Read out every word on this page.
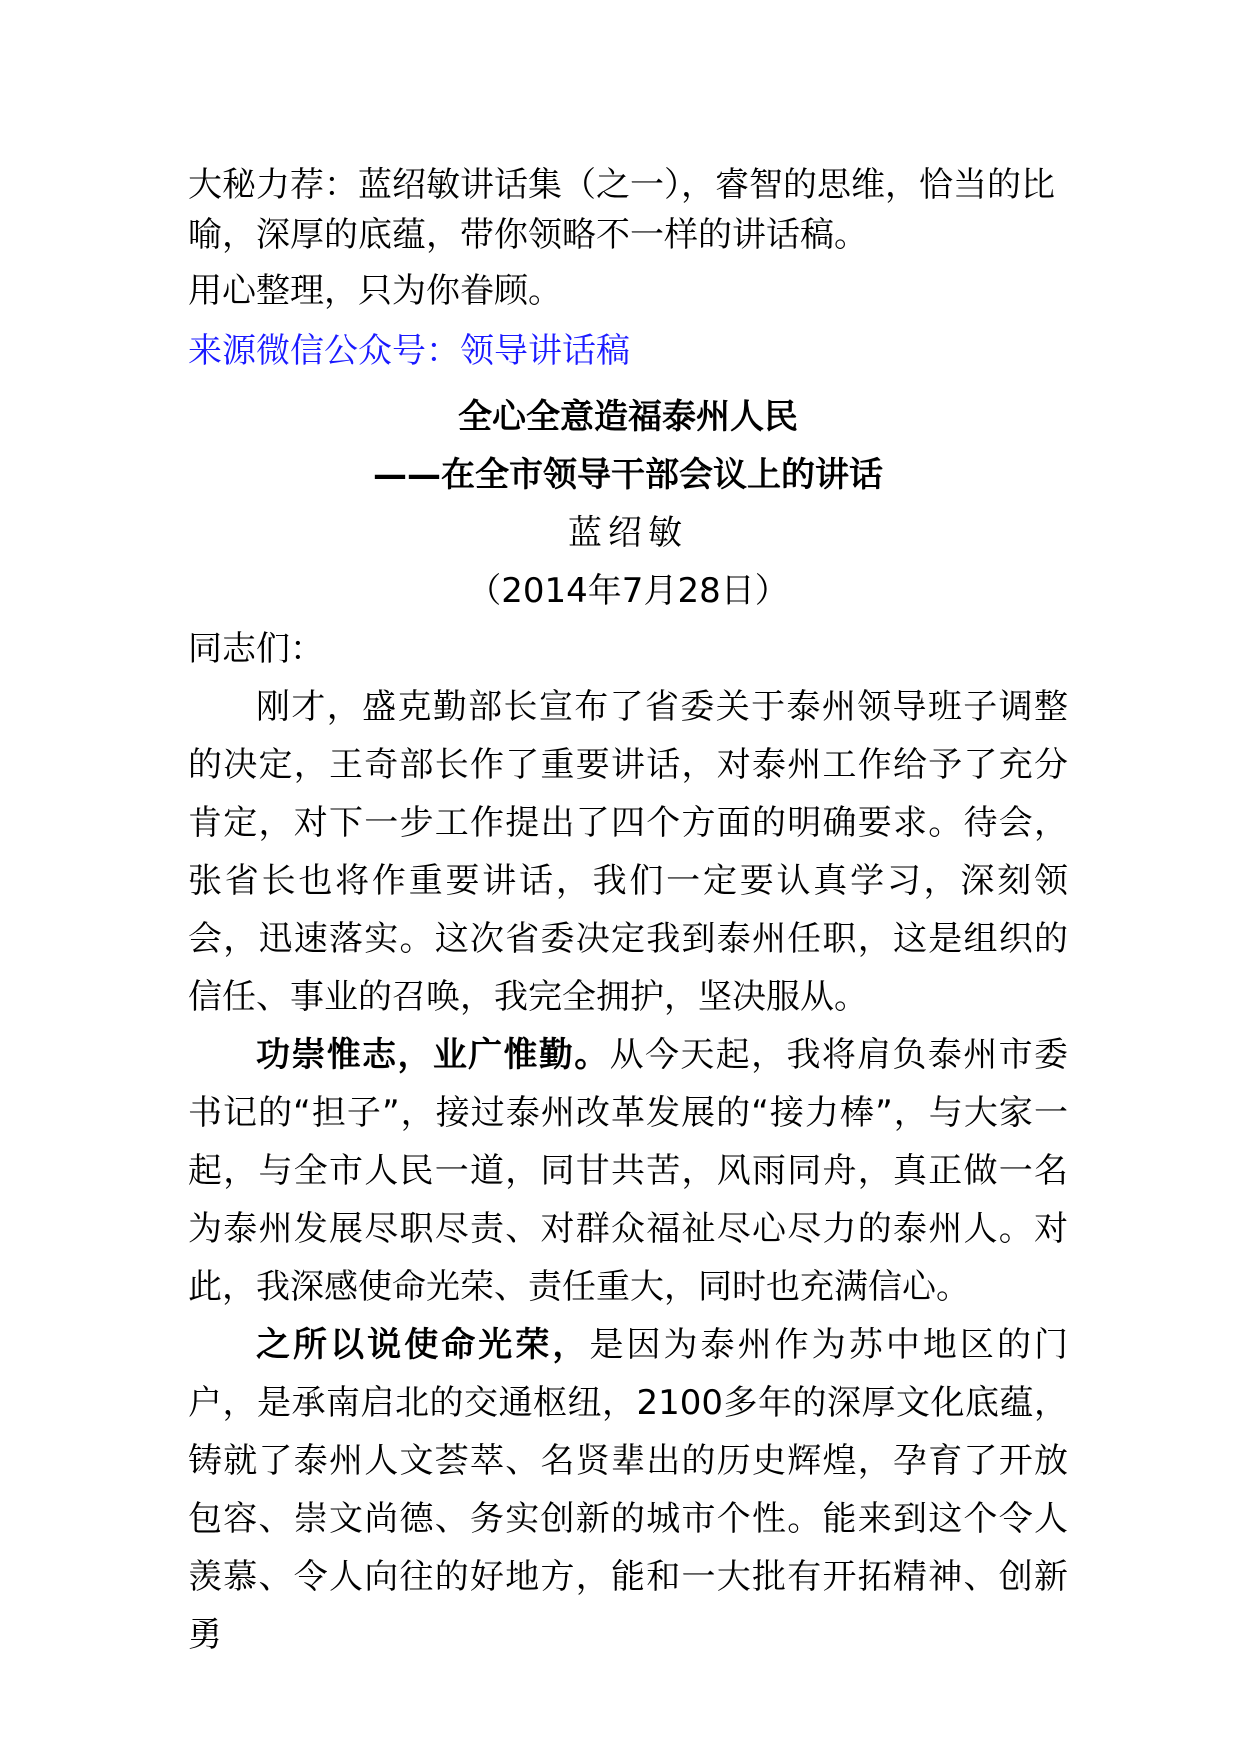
大秘力荐：蓝绍敏讲话集（之一），睿智的思维，恰当的比喻，深厚的底蕴，带你领略不一样的讲话稿。

用心整理，只为你眷顾。

来源微信公众号：领导讲话稿

全心全意造福泰州人民

——在全市领导干部会议上的讲话

蓝绍敏

（2014年7月28日）

同志们：

刚才，盛克勤部长宣布了省委关于泰州领导班子调整的决定，王奇部长作了重要讲话，对泰州工作给予了充分肯定，对下一步工作提出了四个方面的明确要求。待会，张省长也将作重要讲话，我们一定要认真学习，深刻领会，迅速落实。这次省委决定我到泰州任职，这是组织的信任、事业的召唤，我完全拥护，坚决服从。

功崇惟志，业广惟勤。从今天起，我将肩负泰州市委书记的“担子”，接过泰州改革发展的“接力棒”，与大家一起，与全市人民一道，同甘共苦，风雨同舟，真正做一名为泰州发展尽职尽责、对群众福祉尽心尽力的泰州人。对此，我深感使命光荣、责任重大，同时也充满信心。

之所以说使命光荣，是因为泰州作为苏中地区的门户，是承南启北的交通枢纽，2100多年的深厚文化底蕴，铸就了泰州人文荟萃、名贤辈出的历史辉煌，孕育了开放包容、崇文尚德、务实创新的城市个性。能来到这个令人羡慕、令人向往的好地方，能和一大批有开拓精神、创新勇
